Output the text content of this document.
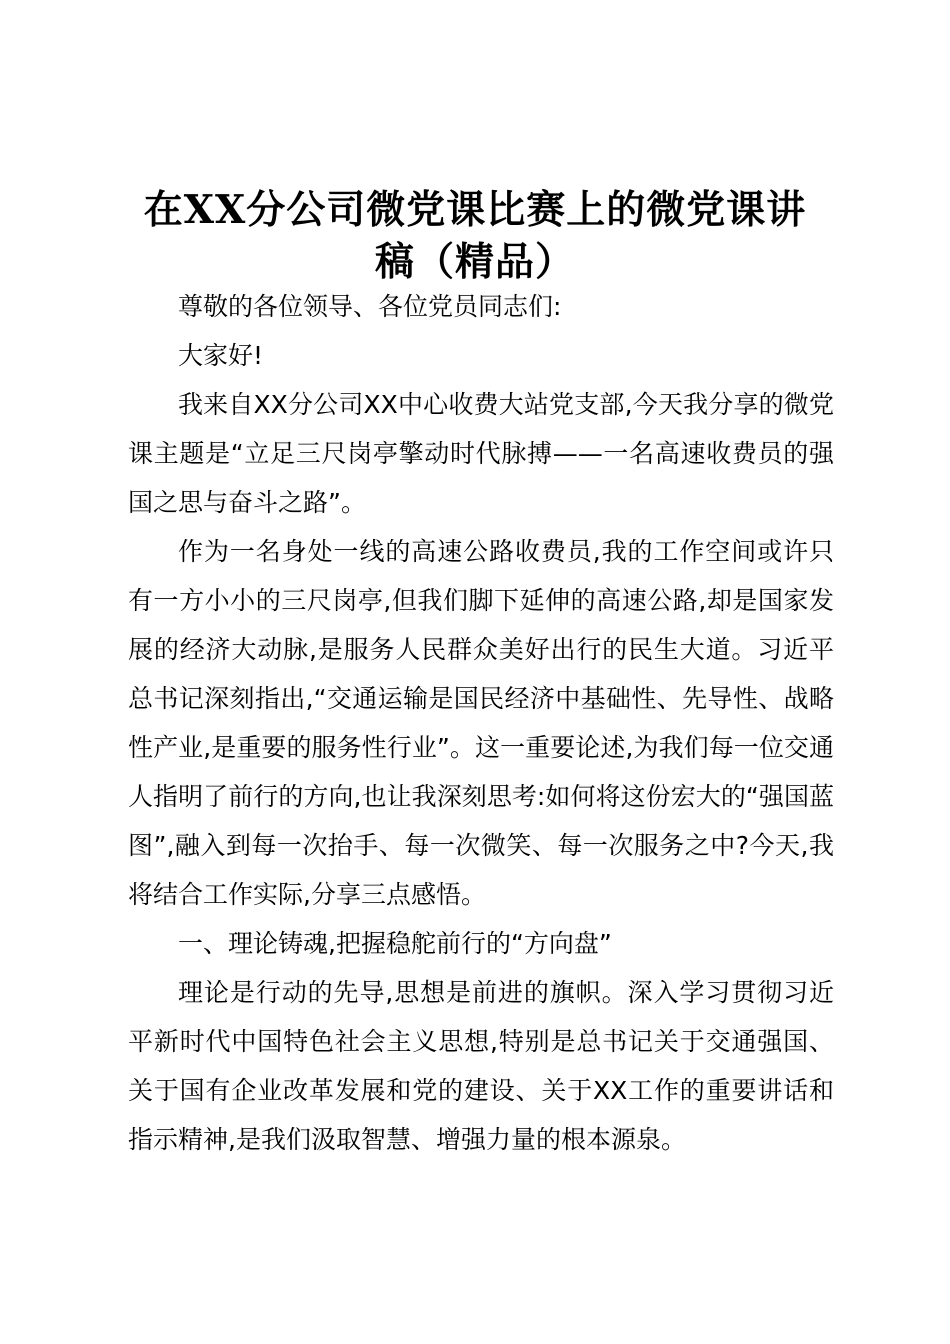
在XX分公司微党课比赛上的微党课讲
稿（精品）

尊敬的各位领导、各位党员同志们:

大家好!

我来自XX分公司XX中心收费大站党支部,今天我分享的微党课主题是“立足三尺岗亭擎动时代脉搏——一名高速收费员的强国之思与奋斗之路”。

作为一名身处一线的高速公路收费员,我的工作空间或许只有一方小小的三尺岗亭,但我们脚下延伸的高速公路,却是国家发展的经济大动脉,是服务人民群众美好出行的民生大道。习近平总书记深刻指出,“交通运输是国民经济中基础性、先导性、战略性产业,是重要的服务性行业”。这一重要论述,为我们每一位交通人指明了前行的方向,也让我深刻思考:如何将这份宏大的“强国蓝图”,融入到每一次抬手、每一次微笑、每一次服务之中?今天,我将结合工作实际,分享三点感悟。

一、理论铸魂,把握稳舵前行的“方向盘”

理论是行动的先导,思想是前进的旗帜。深入学习贯彻习近平新时代中国特色社会主义思想,特别是总书记关于交通强国、关于国有企业改革发展和党的建设、关于XX工作的重要讲话和指示精神,是我们汲取智慧、增强力量的根本源泉。
